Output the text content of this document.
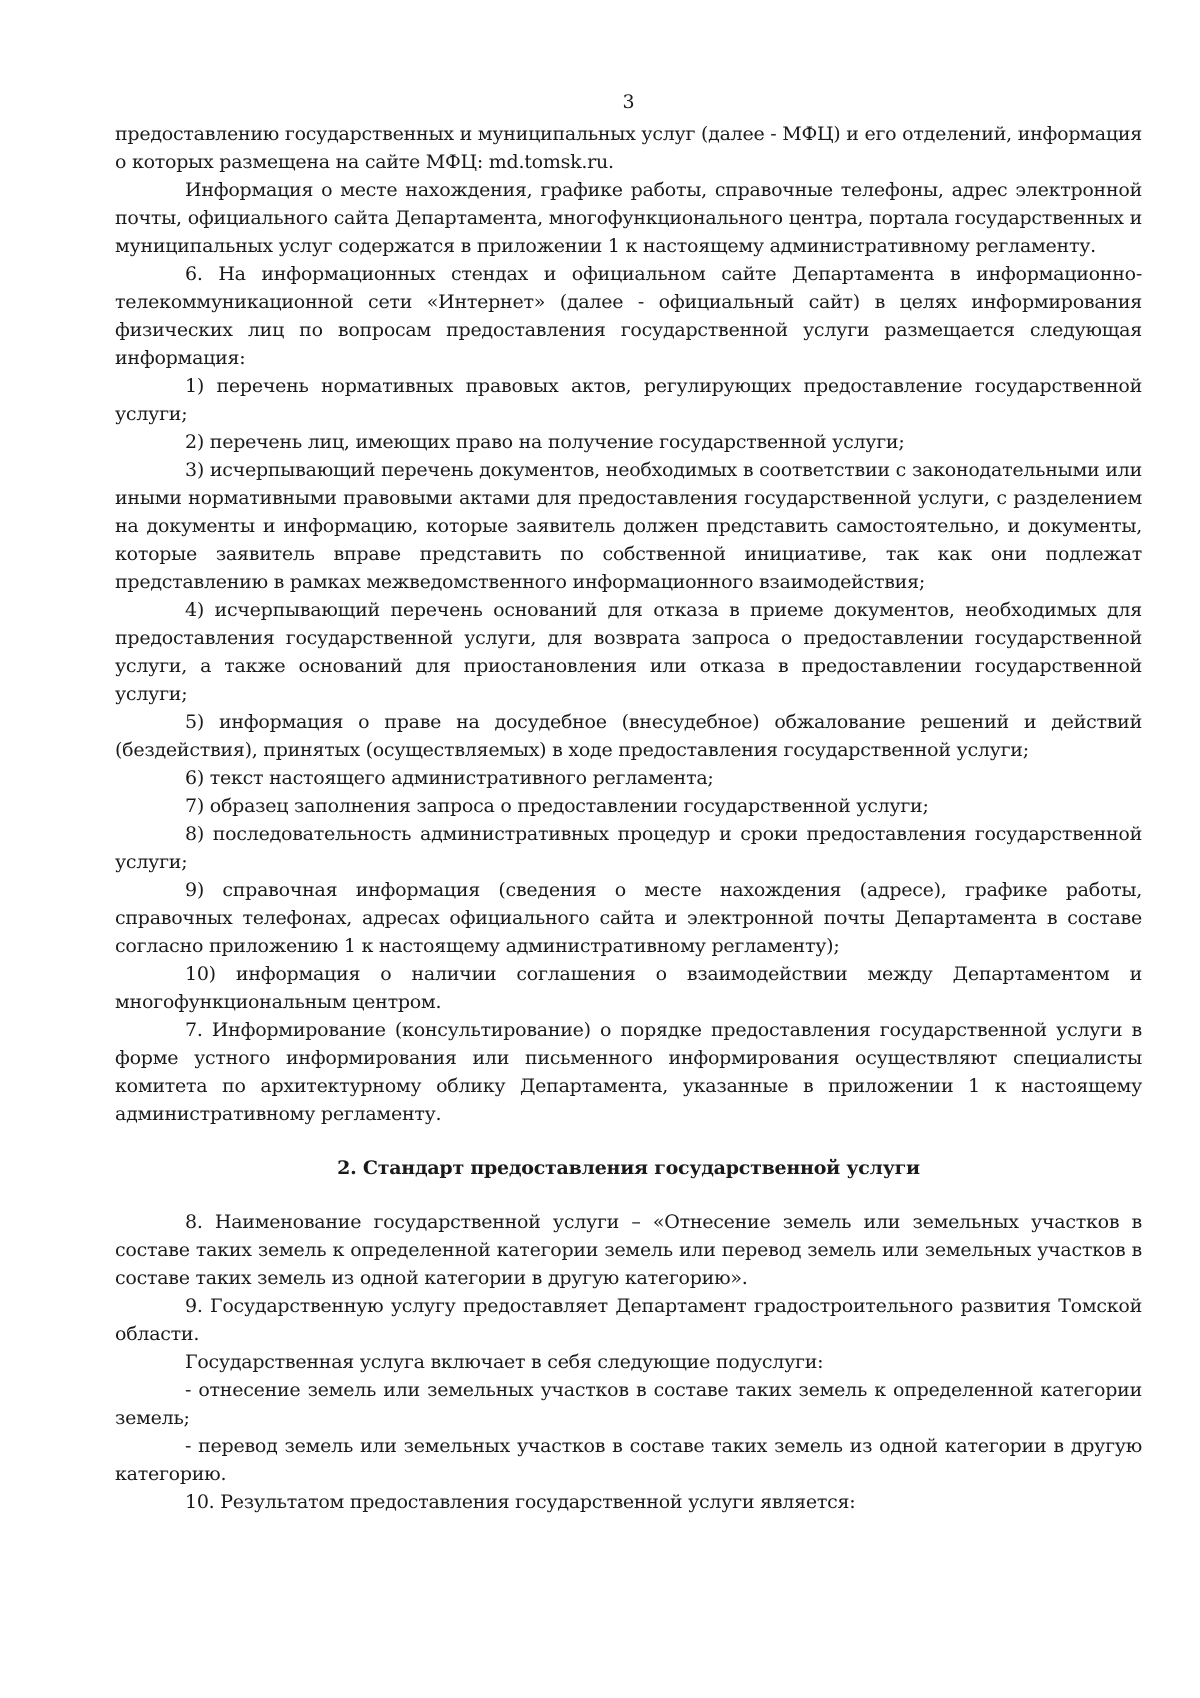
3

предоставлению государственных и муниципальных услуг (далее - МФЦ) и его отделений, информация о которых размещена на сайте МФЦ: md.tomsk.ru.

Информация о месте нахождения, графике работы, справочные телефоны, адрес электронной почты, официального сайта Департамента, многофункционального центра, портала государственных и муниципальных услуг содержатся в приложении 1 к настоящему административному регламенту.

6. На информационных стендах и официальном сайте Департамента в информационно-телекоммуникационной сети «Интернет» (далее - официальный сайт) в целях информирования физических лиц по вопросам предоставления государственной услуги размещается следующая информация:

1) перечень нормативных правовых актов, регулирующих предоставление государственной услуги;

2) перечень лиц, имеющих право на получение государственной услуги;

3) исчерпывающий перечень документов, необходимых в соответствии с законодательными или иными нормативными правовыми актами для предоставления государственной услуги, с разделением на документы и информацию, которые заявитель должен представить самостоятельно, и документы, которые заявитель вправе представить по собственной инициативе, так как они подлежат представлению в рамках межведомственного информационного взаимодействия;

4) исчерпывающий перечень оснований для отказа в приеме документов, необходимых для предоставления государственной услуги, для возврата запроса о предоставлении государственной услуги, а также оснований для приостановления или отказа в предоставлении государственной услуги;

5) информация о праве на досудебное (внесудебное) обжалование решений и действий (бездействия), принятых (осуществляемых) в ходе предоставления государственной услуги;

6) текст настоящего административного регламента;

7) образец заполнения запроса о предоставлении государственной услуги;

8) последовательность административных процедур и сроки предоставления государственной услуги;

9) справочная информация (сведения о месте нахождения (адресе), графике работы, справочных телефонах, адресах официального сайта и электронной почты Департамента в составе согласно приложению 1 к настоящему административному регламенту);

10) информация о наличии соглашения о взаимодействии между Департаментом и многофункциональным центром.

7. Информирование (консультирование) о порядке предоставления государственной услуги в форме устного информирования или письменного информирования осуществляют специалисты комитета по архитектурному облику Департамента, указанные в приложении 1 к настоящему административному регламенту.

2. Стандарт предоставления государственной услуги

8. Наименование государственной услуги – «Отнесение земель или земельных участков в составе таких земель к определенной категории земель или перевод земель или земельных участков в составе таких земель из одной категории в другую категорию».

9. Государственную услугу предоставляет Департамент градостроительного развития Томской области.

Государственная услуга включает в себя следующие подуслуги:

- отнесение земель или земельных участков в составе таких земель к определенной категории земель;

- перевод земель или земельных участков в составе таких земель из одной категории в другую категорию.

10. Результатом предоставления государственной услуги является:
